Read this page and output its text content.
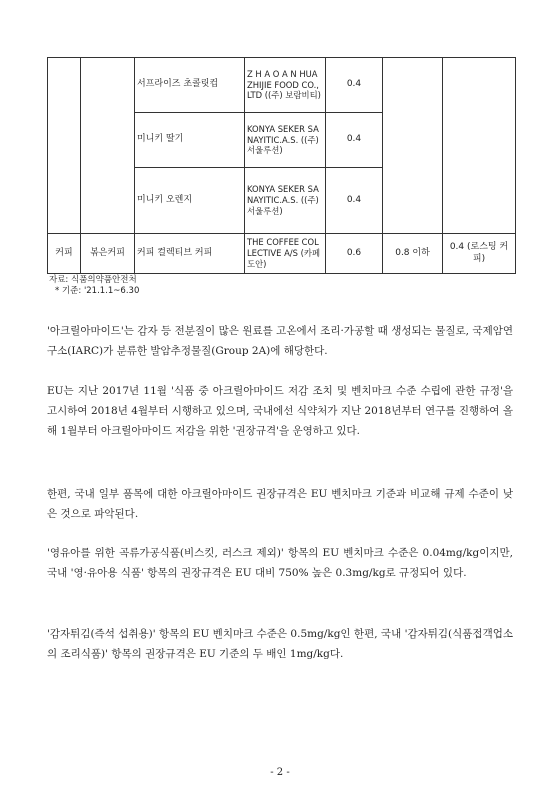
		서프라이즈 초콜릿컵	Z H A O A N HUAZHIJIE FOOD CO.,LTD ((주) 보람비티)	0.4		
		미니키 딸기	KONYA SEKER SANAYITIC.A.S. ((주) 서울루션)	0.4		
		미니키 오렌지	KONYA SEKER SANAYITIC.A.S. ((주) 서울루션)	0.4		
커피	볶은커피	커피 컬렉티브 커피	THE COFFEE COLLECTIVE A/S (카페도안)	0.6	0.8 이하	0.4 (로스팅 커피)
자료: 식품의약품안전처
* 기준: '21.1.1~6.30

'아크릴아마이드'는 감자 등 전분질이 많은 원료를 고온에서 조리·가공할 때 생성되는 물질로, 국제암연구소(IARC)가 분류한 발암추정물질(Group 2A)에 해당한다.

EU는 지난 2017년 11월 '식품 중 아크릴아마이드 저감 조치 및 벤치마크 수준 수립에 관한 규정'을 고시하여 2018년 4월부터 시행하고 있으며, 국내에선 식약처가 지난 2018년부터 연구를 진행하여 올해 1월부터 아크릴아마이드 저감을 위한 '권장규격'을 운영하고 있다.

한편, 국내 일부 품목에 대한 아크릴아마이드 권장규격은 EU 벤치마크 기준과 비교해 규제 수준이 낮은 것으로 파악된다.

'영유아를 위한 곡류가공식품(비스킷, 러스크 제외)' 항목의 EU 벤치마크 수준은 0.04mg/kg이지만, 국내 '영·유아용 식품' 항목의 권장규격은 EU 대비 750% 높은 0.3mg/kg로 규정되어 있다.

'감자튀김(즉석 섭취용)' 항목의 EU 벤치마크 수준은 0.5mg/kg인 한편, 국내 '감자튀김(식품접객업소의 조리식품)' 항목의 권장규격은 EU 기준의 두 배인 1mg/kg다.

- 2 -
